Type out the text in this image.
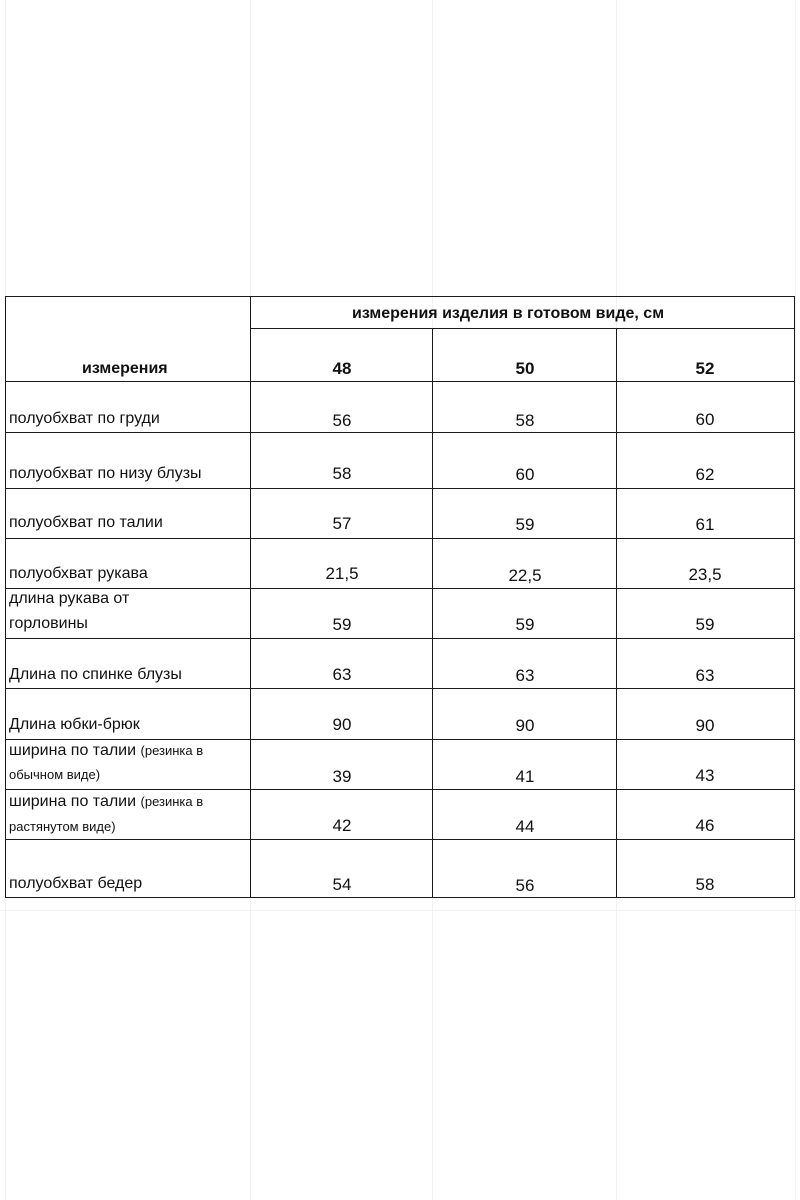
измерения изделия в готовом виде, см
измерения	48	50	52
полуобхват по груди	56	58	60
полуобхват по низу блузы	58	60	62
полуобхват по талии	57	59	61
полуобхват рукава	21,5	22,5	23,5
длина рукава от
горловины	59	59	59
Длина по спинке блузы	63	63	63
Длина юбки-брюк	90	90	90
ширина по талии (резинка в
обычном виде)	39	41	43
ширина по талии (резинка в
растянутом виде)	42	44	46
полуобхват бедер	54	56	58
